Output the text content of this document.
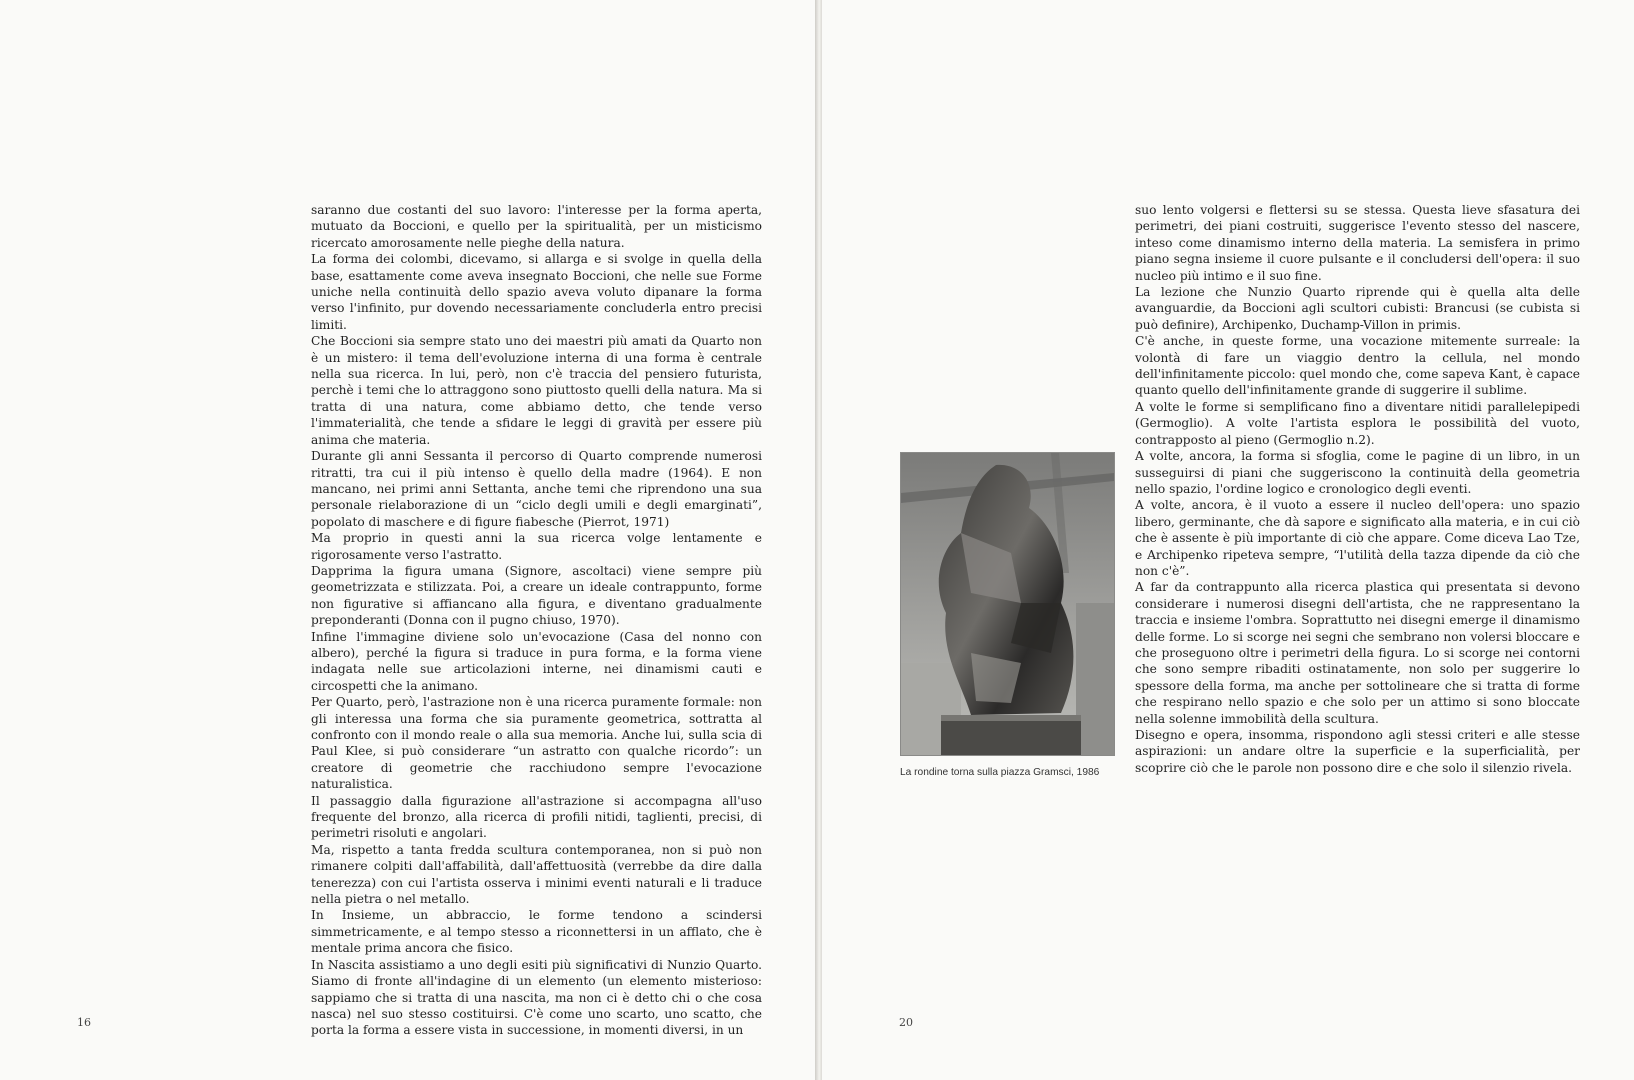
saranno due costanti del suo lavoro: l'interesse per la forma aperta, mutuato da Boccioni, e quello per la spiritualità, per un misticismo ricercato amorosamente nelle pieghe della natura.

La forma dei colombi, dicevamo, si allarga e si svolge in quella della base, esattamente come aveva insegnato Boccioni, che nelle sue Forme uniche nella continuità dello spazio aveva voluto dipanare la forma verso l'infinito, pur dovendo necessariamente concluderla entro precisi limiti.

Che Boccioni sia sempre stato uno dei maestri più amati da Quarto non è un mistero: il tema dell'evoluzione interna di una forma è centrale nella sua ricerca. In lui, però, non c'è traccia del pensiero futurista, perchè i temi che lo attraggono sono piuttosto quelli della natura. Ma si tratta di una natura, come abbiamo detto, che tende verso l'immaterialità, che tende a sfidare le leggi di gravità per essere più anima che materia.

Durante gli anni Sessanta il percorso di Quarto comprende numerosi ritratti, tra cui il più intenso è quello della madre (1964). E non mancano, nei primi anni Settanta, anche temi che riprendono una sua personale rielaborazione di un “ciclo degli umili e degli emarginati”, popolato di maschere e di figure fiabesche (Pierrot, 1971)

Ma proprio in questi anni la sua ricerca volge lentamente e rigorosamente verso l'astratto.

Dapprima la figura umana (Signore, ascoltaci) viene sempre più geometrizzata e stilizzata. Poi, a creare un ideale contrappunto, forme non figurative si affiancano alla figura, e diventano gradualmente preponderanti (Donna con il pugno chiuso, 1970).

Infine l'immagine diviene solo un'evocazione (Casa del nonno con albero), perché la figura si traduce in pura forma, e la forma viene indagata nelle sue articolazioni interne, nei dinamismi cauti e circospetti che la animano.

Per Quarto, però, l'astrazione non è una ricerca puramente formale: non gli interessa una forma che sia puramente geometrica, sottratta al confronto con il mondo reale o alla sua memoria. Anche lui, sulla scia di Paul Klee, si può considerare “un astratto con qualche ricordo”: un creatore di geometrie che racchiudono sempre l'evocazione naturalistica.

Il passaggio dalla figurazione all'astrazione si accompagna all'uso frequente del bronzo, alla ricerca di profili nitidi, taglienti, precisi, di perimetri risoluti e angolari.

Ma, rispetto a tanta fredda scultura contemporanea, non si può non rimanere colpiti dall'affabilità, dall'affettuosità (verrebbe da dire dalla tenerezza) con cui l'artista osserva i minimi eventi naturali e li traduce nella pietra o nel metallo.

In Insieme, un abbraccio, le forme tendono a scindersi simmetricamente, e al tempo stesso a riconnettersi in un afflato, che è mentale prima ancora che fisico.

In Nascita assistiamo a uno degli esiti più significativi di Nunzio Quarto. Siamo di fronte all'indagine di un elemento (un elemento misterioso: sappiamo che si tratta di una nascita, ma non ci è detto chi o che cosa nasca) nel suo stesso costituirsi. C'è come uno scarto, uno scatto, che porta la forma a essere vista in successione, in momenti diversi, in un

16
La rondine torna sulla piazza Gramsci, 1986

suo lento volgersi e flettersi su se stessa. Questa lieve sfasatura dei perimetri, dei piani costruiti, suggerisce l'evento stesso del nascere, inteso come dinamismo interno della materia. La semisfera in primo piano segna insieme il cuore pulsante e il concludersi dell'opera: il suo nucleo più intimo e il suo fine.

La lezione che Nunzio Quarto riprende qui è quella alta delle avanguardie, da Boccioni agli scultori cubisti: Brancusi (se cubista si può definire), Archipenko, Duchamp-Villon in primis.

C'è anche, in queste forme, una vocazione mitemente surreale: la volontà di fare un viaggio dentro la cellula, nel mondo dell'infinitamente piccolo: quel mondo che, come sapeva Kant, è capace quanto quello dell'infinitamente grande di suggerire il sublime.

A volte le forme si semplificano fino a diventare nitidi parallelepipedi (Germoglio). A volte l'artista esplora le possibilità del vuoto, contrapposto al pieno (Germoglio n.2).

A volte, ancora, la forma si sfoglia, come le pagine di un libro, in un susseguirsi di piani che suggeriscono la continuità della geometria nello spazio, l'ordine logico e cronologico degli eventi.

A volte, ancora, è il vuoto a essere il nucleo dell'opera: uno spazio libero, germinante, che dà sapore e significato alla materia, e in cui ciò che è assente è più importante di ciò che appare. Come diceva Lao Tze, e Archipenko ripeteva sempre, “l'utilità della tazza dipende da ciò che non c'è”.

A far da contrappunto alla ricerca plastica qui presentata si devono considerare i numerosi disegni dell'artista, che ne rappresentano la traccia e insieme l'ombra. Soprattutto nei disegni emerge il dinamismo delle forme. Lo si scorge nei segni che sembrano non volersi bloccare e che proseguono oltre i perimetri della figura. Lo si scorge nei contorni che sono sempre ribaditi ostinatamente, non solo per suggerire lo spessore della forma, ma anche per sottolineare che si tratta di forme che respirano nello spazio e che solo per un attimo si sono bloccate nella solenne immobilità della scultura.

Disegno e opera, insomma, rispondono agli stessi criteri e alle stesse aspirazioni: un andare oltre la superficie e la superficialità, per scoprire ciò che le parole non possono dire e che solo il silenzio rivela.

20
